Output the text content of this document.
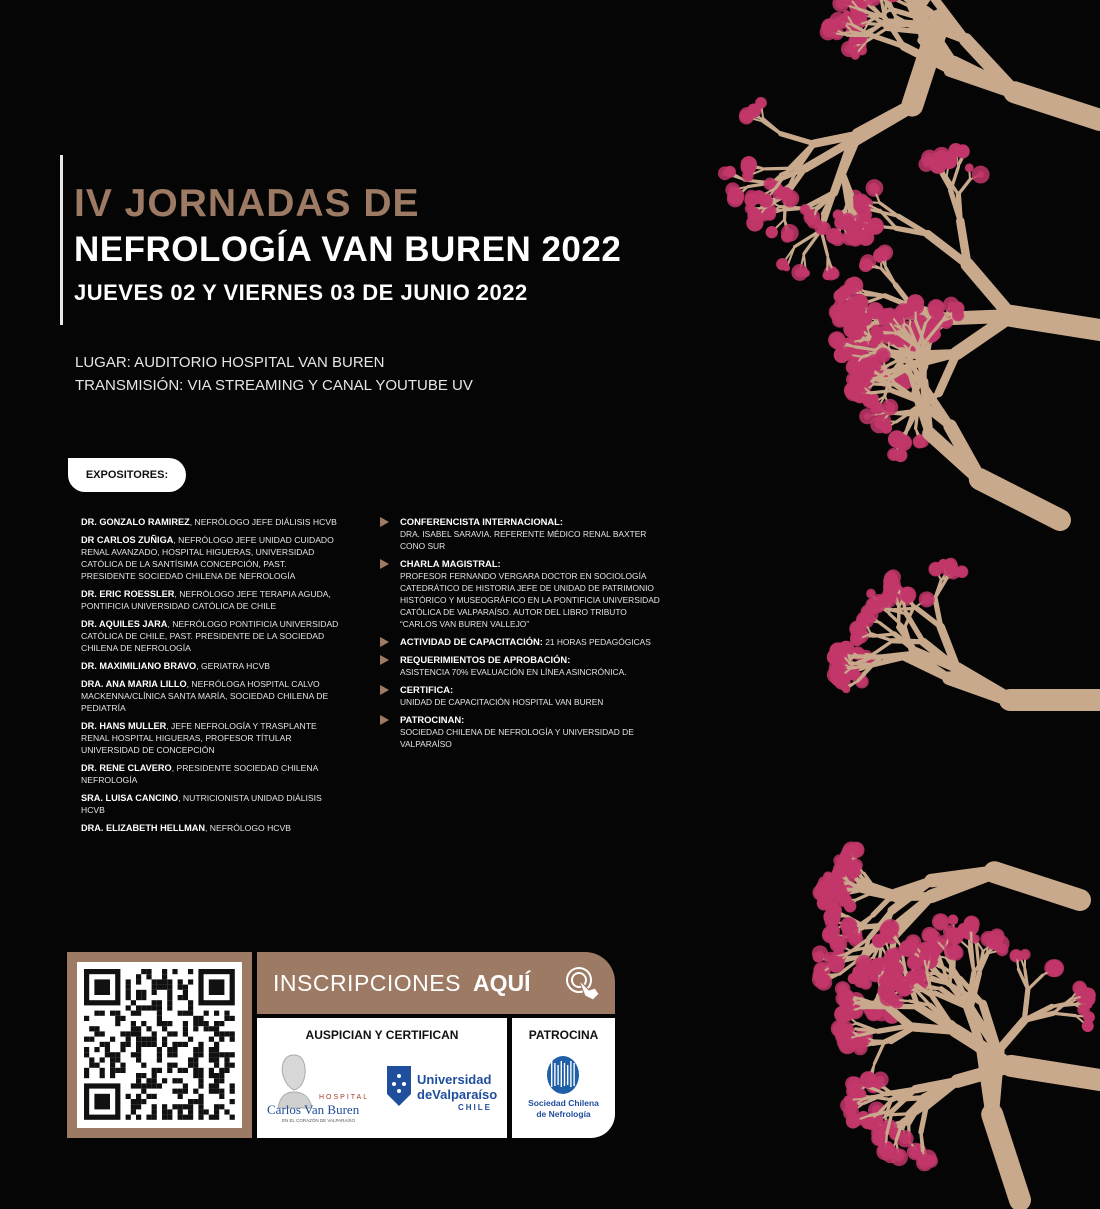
IV JORNADAS DE
NEFROLOGÍA VAN BUREN 2022
JUEVES 02 Y VIERNES 03 DE JUNIO 2022
LUGAR: AUDITORIO HOSPITAL VAN BUREN
TRANSMISIÓN: VIA STREAMING Y CANAL YOUTUBE UV
EXPOSITORES:
DR. GONZALO RAMIREZ, NEFRÓLOGO JEFE DIÁLISIS HCVB
DR CARLOS ZUÑIGA, NEFRÓLOGO JEFE UNIDAD CUIDADO RENAL AVANZADO, HOSPITAL HIGUERAS, UNIVERSIDAD CATÓLICA DE LA SANTÍSIMA CONCEPCIÓN, PAST. PRESIDENTE SOCIEDAD CHILENA DE NEFROLOGÍA
DR. ERIC ROESSLER, NEFRÓLOGO JEFE TERAPIA AGUDA, PONTIFICIA UNIVERSIDAD CATÓLICA DE CHILE
DR. AQUILES JARA, NEFRÓLOGO PONTIFICIA UNIVERSIDAD CATÓLICA DE CHILE, PAST. PRESIDENTE DE LA SOCIEDAD CHILENA DE NEFROLOGÍA
DR. MAXIMILIANO BRAVO, GERIATRA HCVB
DRA. ANA MARIA LILLO, NEFRÓLOGA HOSPITAL CALVO MACKENNA/CLÍNICA SANTA MARÍA, SOCIEDAD CHILENA DE PEDIATRÍA
DR. HANS MULLER, JEFE NEFROLOGÍA Y TRASPLANTE RENAL HOSPITAL HIGUERAS, PROFESOR TÍTULAR UNIVERSIDAD DE CONCEPCIÓN
DR. RENE CLAVERO, PRESIDENTE SOCIEDAD CHILENA NEFROLOGÍA
SRA. LUISA CANCINO, NUTRICIONISTA UNIDAD DIÁLISIS HCVB
DRA. ELIZABETH HELLMAN, NEFRÓLOGO HCVB
CONFERENCISTA INTERNACIONAL:
DRA. ISABEL SARAVIA. REFERENTE MÉDICO RENAL BAXTER CONO SUR
CHARLA MAGISTRAL:
PROFESOR FERNANDO VERGARA DOCTOR EN SOCIOLOGÍA CATEDRÁTICO DE HISTORIA JEFE DE UNIDAD DE PATRIMONIO HISTÓRICO Y MUSEOGRÁFICO EN LA PONTIFICIA UNIVERSIDAD CATÓLICA DE VALPARAÍSO. AUTOR DEL LIBRO TRIBUTO “CARLOS VAN BUREN VALLEJO”
ACTIVIDAD DE CAPACITACIÓN: 21 HORAS PEDAGÓGICAS
REQUERIMIENTOS DE APROBACIÓN:
ASISTENCIA 70% EVALUACIÓN EN LÍNEA ASINCRÓNICA.
CERTIFICA:
UNIDAD DE CAPACITACIÓN HOSPITAL VAN BUREN
PATROCINAN:
SOCIEDAD CHILENA DE NEFROLOGÍA Y UNIVERSIDAD DE VALPARAÍSO
INSCRIPCIONES AQUÍ
AUSPICIAN Y CERTIFICAN
HOSPITAL
Carlos Van Buren
EN EL CORAZÓN DE VALPARAÍSO
Universidad
deValparaíso
CHILE
PATROCINA
Sociedad Chilena
de Nefrología
